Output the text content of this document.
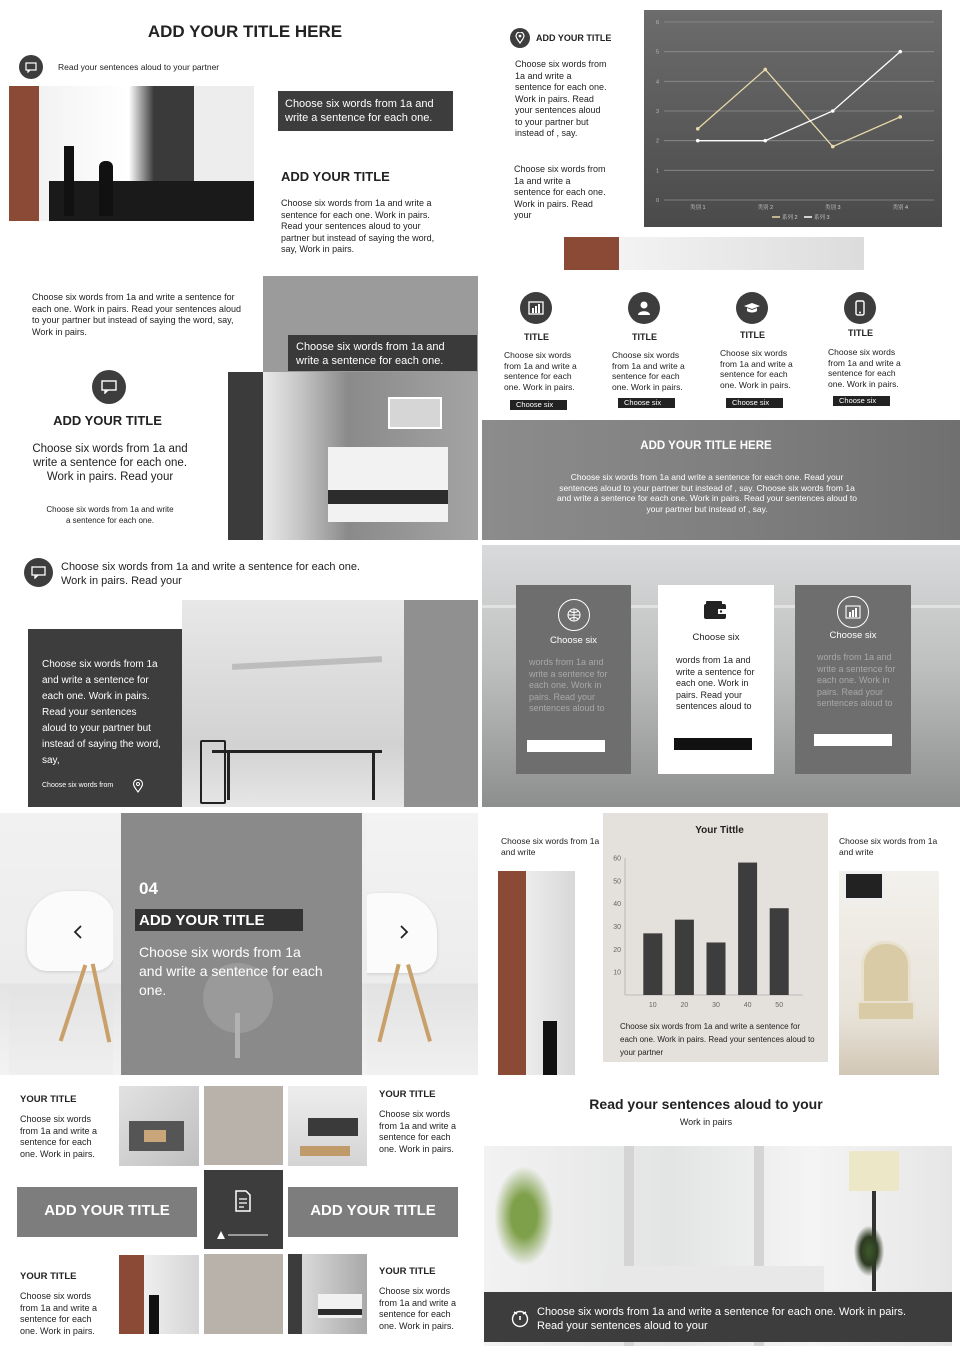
ADD YOUR TITLE HERE
Read your sentences aloud to your partner
Choose six words from 1a and write a sentence for each one.
ADD YOUR TITLE
Choose six words from 1a and write a sentence for each one. Work in pairs. Read your sentences aloud to your partner but instead of saying the word, say, Work in pairs.
ADD YOUR TITLE
Choose six words from 1a and write a sentence for each one. Work in pairs. Read your sentences aloud to your partner but instead of , say.
Choose six words from 1a and write a sentence for each one. Work in pairs. Read your
0
1
2
3
4
5
6
类别 1	类别 2	类别 3	类别 4
系列 2	系列 3
Choose six words from 1a and write a sentence for each one. Work in pairs. Read your sentences aloud to your partner but instead of saying the word, say, Work in pairs.
Choose six words from 1a and write a sentence for each one.
ADD YOUR TITLE
Choose six words from 1a and write a sentence for each one. Work in pairs. Read your
Choose six words from 1a and write a sentence for each one.
TITLE
Choose six words from 1a and write a sentence for each one. Work in pairs.
Choose six
TITLE
Choose six words from 1a and write a sentence for each one. Work in pairs.
Choose six
TITLE
Choose six words from 1a and write a sentence for each one. Work in pairs.
Choose six
TITLE
Choose six words from 1a and write a sentence for each one. Work in pairs.
Choose six
ADD YOUR TITLE HERE
Choose six words from 1a and write a sentence for each one. Read your sentences aloud to your partner but instead of , say. Choose six words from 1a and write a sentence for each one. Work in pairs. Read your sentences aloud to your partner but instead of , say.
Choose six words from 1a and write a sentence for each one. Work in pairs. Read your
Choose six words from 1a and write a sentence for each one. Work in pairs. Read your sentences aloud to your partner but instead of saying the word, say,
Choose six words from
Choose six
words from 1a and write a sentence for each one. Work in pairs. Read your sentences aloud to
Choose six
words from 1a and write a sentence for each one. Work in pairs. Read your sentences aloud to
Choose six
words from 1a and write a sentence for each one. Work in pairs. Read your sentences aloud to
04
ADD YOUR TITLE
Choose six words from 1a and write a sentence for each one.
Choose six words from 1a and write
Your Tittle
10
20
30
40
50
60
10	20	30	40	50
Choose six words from 1a and write a sentence for each one. Work in pairs. Read your sentences aloud to your partner
Choose six words from 1a and write
YOUR TITLE
Choose six words from 1a and write a sentence for each one. Work in pairs.
YOUR TITLE
Choose six words from 1a and write a sentence for each one. Work in pairs.
ADD YOUR TITLE	ADD YOUR TITLE
YOUR TITLE
Choose six words from 1a and write a sentence for each one. Work in pairs.
YOUR TITLE
Choose six words from 1a and write a sentence for each one. Work in pairs.
Read your sentences aloud to your
Work in pairs
Choose six words from 1a and write a sentence for each one. Work in pairs. Read your sentences aloud to your
